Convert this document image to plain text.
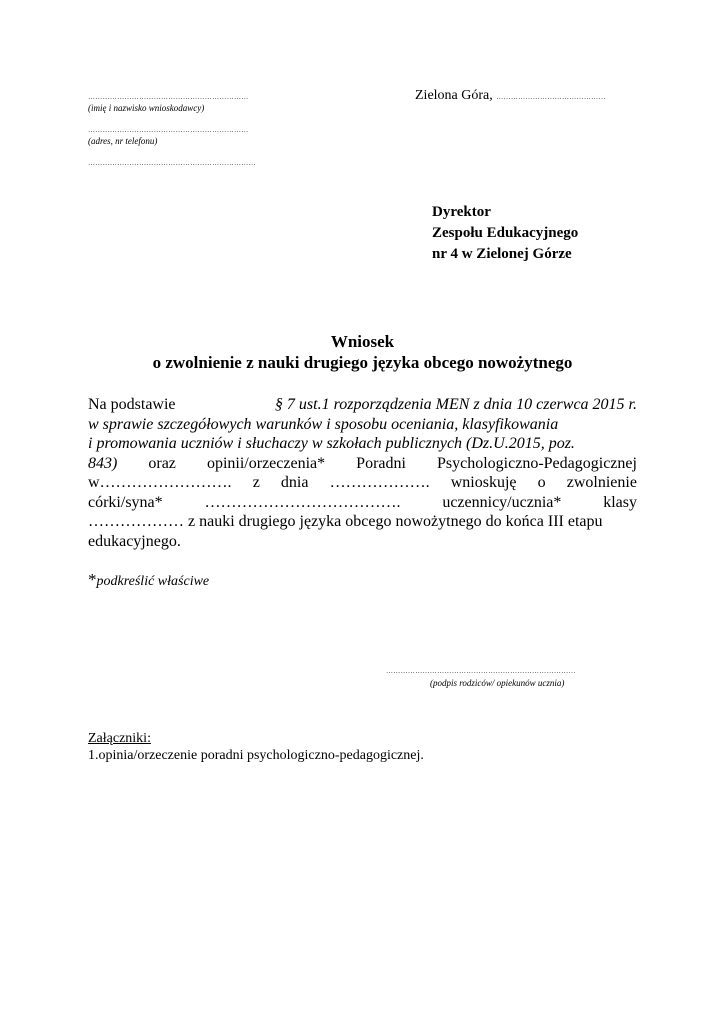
…………………………………………………………
(imię i nazwisko wnioskodawcy)
…………………………………………………………
(adres, nr telefonu)
……………………………………………………………
Zielona Góra, ………………………………………
Dyrektor
Zespołu Edukacyjnego
nr 4 w Zielonej Górze
Wniosek
o zwolnienie z nauki drugiego języka obcego nowożytnego
Na podstawie	§ 7 ust.1 rozporządzenia MEN z dnia 10 czerwca 2015 r.
w sprawie szczegółowych warunków i sposobu oceniania, klasyfikowania
i promowania uczniów i słuchaczy w szkołach publicznych (Dz.U.2015, poz.
843) oraz opinii/orzeczenia* Poradni Psychologiczno-Pedagogicznej
w……………………. z dnia ………………. wnioskuję o zwolnienie
córki/syna*	……………………………….	uczennicy/ucznia*	klasy
……………… z nauki drugiego języka obcego nowożytnego do końca III etapu
edukacyjnego.
*podkreślić właściwe
……………………………………………………………………
(podpis rodziców/ opiekunów ucznia)
Załączniki:
1.opinia/orzeczenie poradni psychologiczno-pedagogicznej.
